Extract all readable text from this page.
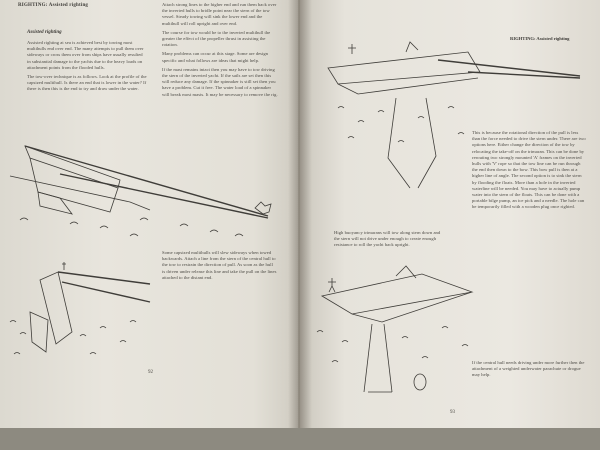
RIGHTING: Assisted righting
Assisted righting

Assisted righting at sea is achieved best by towing most multihulls end over end. The many attempts to pull them over sideways or cross them over from ships have usually resulted in substantial damage to the yachts due to the heavy loads on attachment points from the flooded hulls.

The tow-over technique is as follows. Look at the profile of the capsized multihull. Is there an end that is lower in the water? If there is then this is the end to try and draw under the water.

Attach strong lines to the higher end and run them back over the inverted hulls to bridle point near the stern of the tow vessel. Steady towing will sink the lower end and the multihull will roll upright and over end.

The course for tow would be to the inverted multihull the greater the effect of the propeller thrust in assisting the rotation.

Many problems can occur at this stage. Some are design specific and what follows are ideas that might help.

If the mast remains intact then you may have to tow driving the stern of the inverted yacht. If the sails are set then this will reduce any damage. If the spinnaker is still set then you have a problem. Cut it free. The water load of a spinnaker will break most masts. It may be necessary to remove the rig.

Some capsized multihulls will slew sideways when towed backwards. Attach a line from the stern of the central hull to the tow to restrain the direction of pull. As soon as the hull is driven under release this line and take the pull on the lines attached to the distant end.

92
RIGHTING: Assisted righting

High buoyancy trimarans will tow along stern down and the stern will not drive under enough to create enough resistance to roll the yacht back upright.

This is because the rotational direction of the pull is less than the force needed to drive the stern under. There are two options here. Either change the direction of the tow by relocating the take-off on the trimaran. This can be done by rerouting two strongly mounted 'A' frames on the inverted hulls with 'V' rope so that the tow line can be run through the end then down to the bow. This bow pull is then at a higher line of angle. The second option is to sink the stern by flooding the floats. More than a hole in the inverted waterline will be needed. You may have to actually pump water into the stern of the floats. This can be done with a portable bilge pump, an ice pick and a needle. The hole can be temporarily filled with a wooden plug once righted.

If the central hull needs driving under more further then the attachment of a weighted underwater parachute or drogue may help.

93
